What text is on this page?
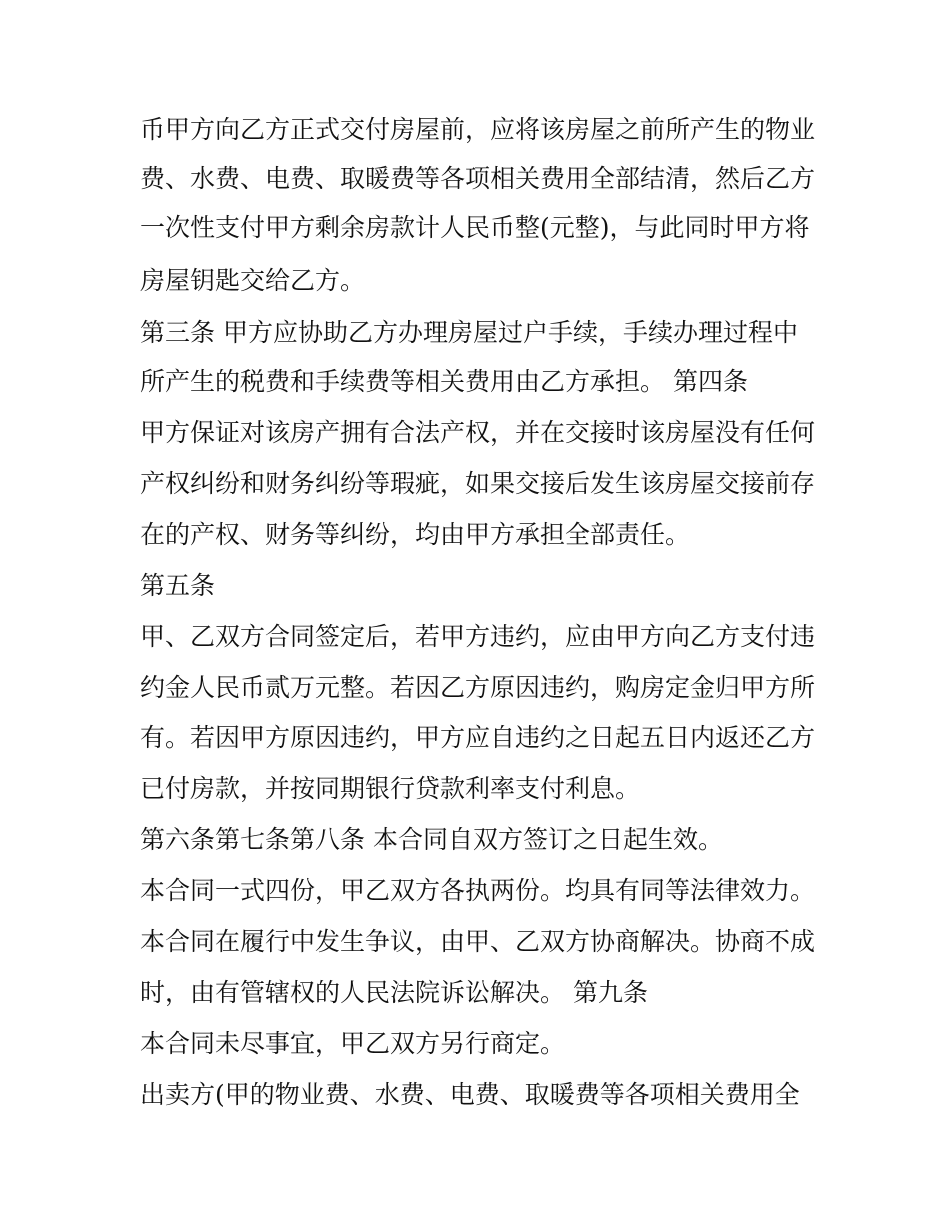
币甲方向乙方正式交付房屋前，应将该房屋之前所产生的物业
费、水费、电费、取暖费等各项相关费用全部结清，然后乙方
一次性支付甲方剩余房款计人民币整(元整)，与此同时甲方将
房屋钥匙交给乙方。
第三条 甲方应协助乙方办理房屋过户手续，手续办理过程中
所产生的税费和手续费等相关费用由乙方承担。 第四条
甲方保证对该房产拥有合法产权，并在交接时该房屋没有任何
产权纠纷和财务纠纷等瑕疵，如果交接后发生该房屋交接前存
在的产权、财务等纠纷，均由甲方承担全部责任。
第五条
甲、乙双方合同签定后，若甲方违约，应由甲方向乙方支付违
约金人民币贰万元整。若因乙方原因违约，购房定金归甲方所
有。若因甲方原因违约，甲方应自违约之日起五日内返还乙方
已付房款，并按同期银行贷款利率支付利息。
第六条第七条第八条 本合同自双方签订之日起生效。
本合同一式四份，甲乙双方各执两份。均具有同等法律效力。
本合同在履行中发生争议，由甲、乙双方协商解决。协商不成
时，由有管辖权的人民法院诉讼解决。 第九条
本合同未尽事宜，甲乙双方另行商定。
出卖方(甲的物业费、水费、电费、取暖费等各项相关费用全
